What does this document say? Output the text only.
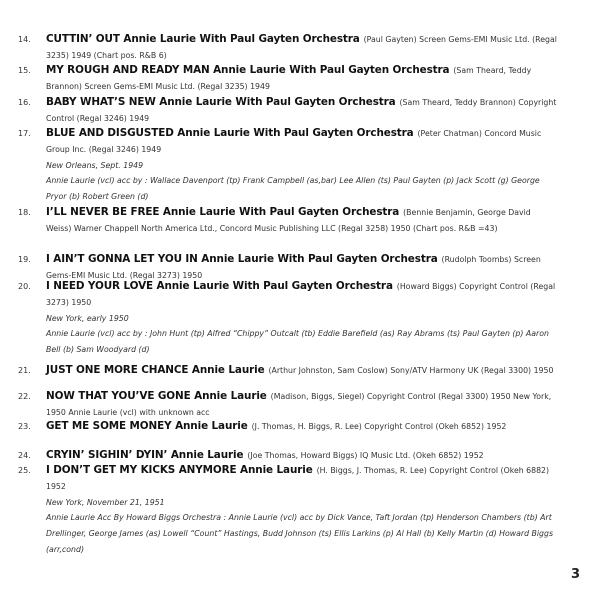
14.	CUTTIN’ OUT Annie Laurie With Paul Gayten Orchestra  (Paul Gayten) Screen Gems-EMI Music Ltd. (Regal 3235) 1949 (Chart pos. R&B 6)
15.	MY ROUGH AND READY MAN Annie Laurie With Paul Gayten Orchestra  (Sam Theard, Teddy Brannon) Screen Gems-EMI Music Ltd. (Regal 3235) 1949
16.	BABY WHAT’S NEW Annie Laurie With Paul Gayten Orchestra  (Sam Theard, Teddy Brannon) Copyright Control (Regal 3246) 1949
17.	BLUE AND DISGUSTED Annie Laurie With Paul Gayten Orchestra  (Peter Chatman) Concord Music Group Inc. (Regal 3246) 1949
New Orleans, Sept. 1949
Annie Laurie (vcl) acc by : Wallace Davenport (tp) Frank Campbell (as,bar) Lee Allen (ts) Paul Gayten (p) Jack Scott (g) George Pryor (b) Robert Green (d)
18.	I’LL NEVER BE FREE Annie Laurie With Paul Gayten Orchestra  (Bennie Benjamin, George David Weiss) Warner Chappell North America Ltd., Concord Music Publishing LLC (Regal 3258) 1950 (Chart pos. R&B =43)
19.	I AIN’T GONNA LET YOU IN Annie Laurie With Paul Gayten Orchestra  (Rudolph Toombs) Screen Gems-EMI Music Ltd. (Regal 3273) 1950
20.	I NEED YOUR LOVE Annie Laurie With Paul Gayten Orchestra  (Howard Biggs) Copyright Control (Regal 3273) 1950
New York, early 1950
Annie Laurie (vcl) acc by : John Hunt (tp) Alfred “Chippy” Outcalt (tb) Eddie Barefield (as) Ray Abrams (ts) Paul Gayten (p) Aaron Bell (b) Sam Woodyard (d)
21.	JUST ONE MORE CHANCE Annie Laurie  (Arthur Johnston, Sam Coslow) Sony/ATV Harmony UK (Regal 3300) 1950
22.	NOW THAT YOU’VE GONE Annie Laurie  (Madison, Biggs, Siegel) Copyright Control (Regal 3300) 1950 New York, 1950 Annie Laurie (vcl) with unknown acc
23.	GET ME SOME MONEY Annie Laurie  (J. Thomas, H. Biggs, R. Lee) Copyright Control (Okeh 6852) 1952
24.	CRYIN’ SIGHIN’ DYIN’ Annie Laurie  (Joe Thomas, Howard Biggs) IQ Music Ltd. (Okeh 6852) 1952
25.	I DON’T GET MY KICKS ANYMORE Annie Laurie  (H. Biggs, J. Thomas, R. Lee) Copyright Control (Okeh 6882) 1952
New York, November 21, 1951
Annie Laurie Acc By Howard Biggs Orchestra : Annie Laurie (vcl) acc by Dick Vance, Taft Jordan (tp) Henderson Chambers (tb) Art Drellinger, George James (as) Lowell “Count” Hastings, Budd Johnson (ts) Ellis Larkins (p) Al Hall (b) Kelly Martin (d) Howard Biggs (arr,cond)
3
